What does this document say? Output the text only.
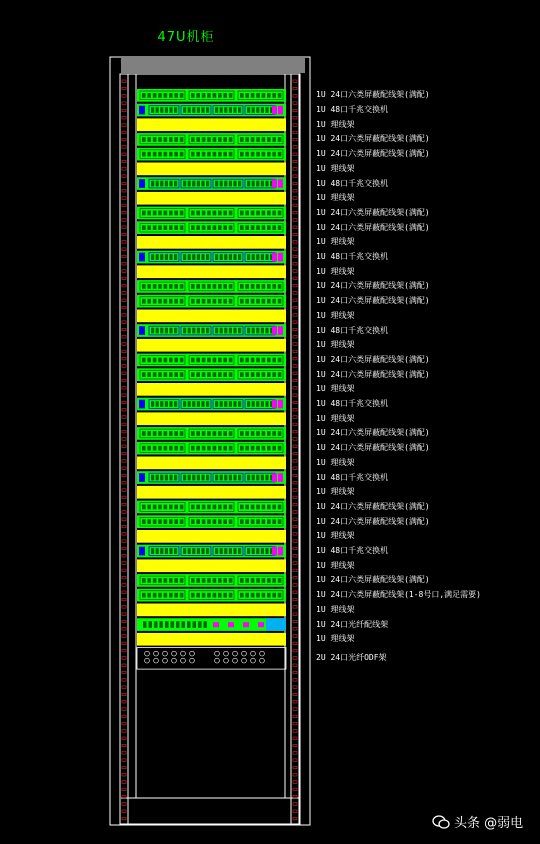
47U机柜
1U 24口六类屏蔽配线架(满配)
1U 48口千兆交换机
1U 理线架
1U 24口六类屏蔽配线架(满配)
1U 24口六类屏蔽配线架(满配)
1U 理线架
1U 48口千兆交换机
1U 理线架
1U 24口六类屏蔽配线架(满配)
1U 24口六类屏蔽配线架(满配)
1U 理线架
1U 48口千兆交换机
1U 理线架
1U 24口六类屏蔽配线架(满配)
1U 24口六类屏蔽配线架(满配)
1U 理线架
1U 48口千兆交换机
1U 理线架
1U 24口六类屏蔽配线架(满配)
1U 24口六类屏蔽配线架(满配)
1U 理线架
1U 48口千兆交换机
1U 理线架
1U 24口六类屏蔽配线架(满配)
1U 24口六类屏蔽配线架(满配)
1U 理线架
1U 48口千兆交换机
1U 理线架
1U 24口六类屏蔽配线架(满配)
1U 24口六类屏蔽配线架(满配)
1U 理线架
1U 48口千兆交换机
1U 理线架
1U 24口六类屏蔽配线架(满配)
1U 24口六类屏蔽配线架(1-8号口,满足需要)
1U 理线架
1U 24口光纤配线架
1U 理线架
2U 24口光纤ODF架
头条 @弱电
